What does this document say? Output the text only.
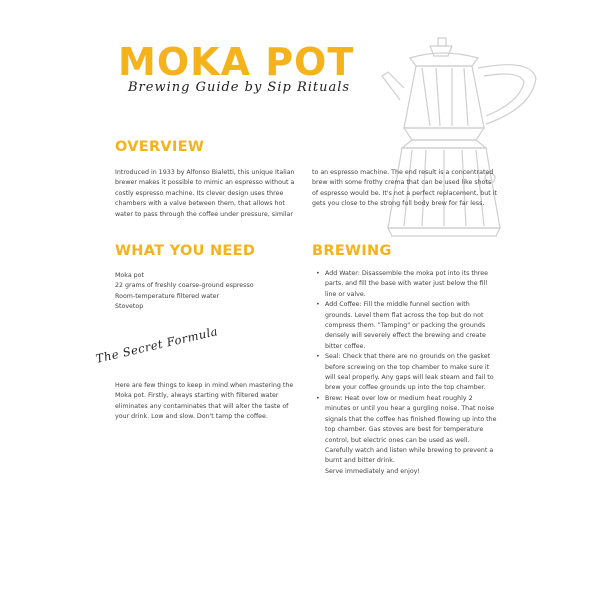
MOKA POT
Brewing Guide by Sip Rituals
OVERVIEW

Introduced in 1933 by Alfonso Bialetti, this unique Italian brewer makes it possible to mimic an espresso without a costly espresso machine. Its clever design uses three chambers with a valve between them, that allows hot water to pass through the coffee under pressure, similar

to an espresso machine. The end result is a concentrated brew with some frothy crema that can be used like shots of espresso would be. It's not a perfect replacement, but it gets you close to the strong full body brew for far less.

WHAT YOU NEED
Moka pot
22 grams of freshly coarse-ground espresso
Room-temperature filtered water
Stovetop
The Secret Formula

Here are few things to keep in mind when mastering the Moka pot. Firstly, always starting with filtered water eliminates any contaminates that will alter the taste of your drink. Low and slow. Don't tamp the coffee.

BREWING
• Add Water: Disassemble the moka pot into its three parts, and fill the base with water just below the fill line or valve.
• Add Coffee: Fill the middle funnel section with grounds. Level them flat across the top but do not compress them. "Tamping" or packing the grounds densely will severely effect the brewing and create bitter coffee.
• Seal: Check that there are no grounds on the gasket before screwing on the top chamber to make sure it will seal properly. Any gaps will leak steam and fail to brew your coffee grounds up into the top chamber.
• Brew: Heat over low or medium heat roughly 2 minutes or until you hear a gurgling noise. That noise signals that the coffee has finished flowing up into the top chamber. Gas stoves are best for temperature control, but electric ones can be used as well. Carefully watch and listen while brewing to prevent a burnt and bitter drink.

Serve immediately and enjoy!
